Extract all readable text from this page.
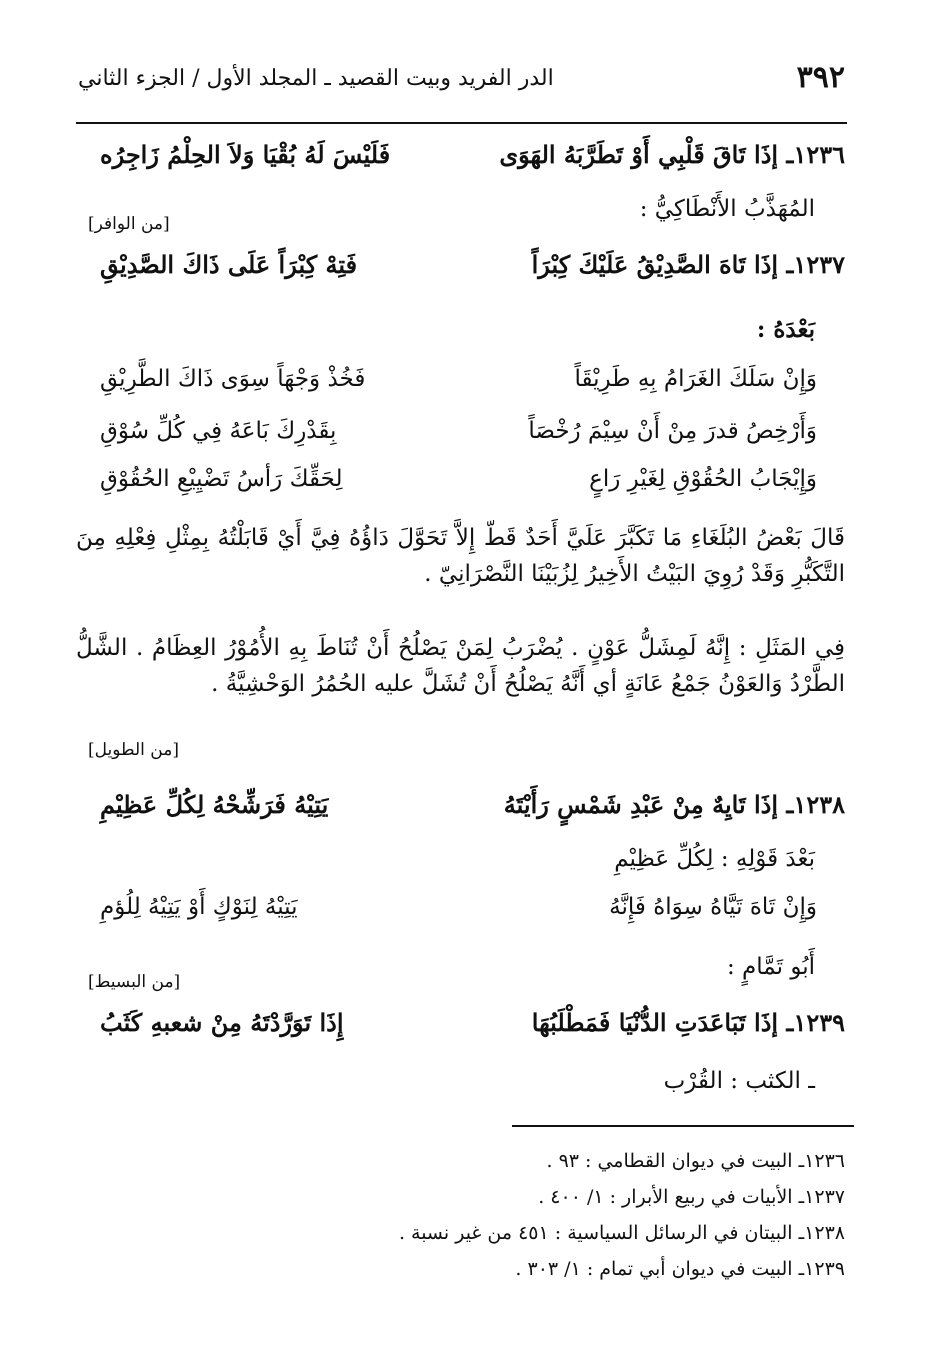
٣٩٢
الدر الفريد وبيت القصيد ـ المجلد الأول / الجزء الثاني
١٢٣٦ـ إذَا تَاقَ قَلْبِي أَوْ تَطَرَّبَهُ الهَوَى
فَلَيْسَ لَهُ بُقْيَا وَلاَ الحِلْمُ زَاجِرُه
المُهَذَّبُ الأَنْطَاكِيُّ :
[من الوافر]
١٢٣٧ـ إذَا تَاهَ الصَّدِيْقُ عَلَيْكَ كِبْرَاً
فَتِهْ كِبْرَاً عَلَى ذَاكَ الصَّدِيْقِ
بَعْدَهُ :
وَإِنْ سَلَكَ الغَرَامُ بِهِ طَرِيْقَاً
فَخُذْ وَجْهَاً سِوَى ذَاكَ الطَّرِيْقِ
وَأَرْخِصُ قدرَ مِنْ أَنْ سِيْمَ رُخْصَاً
بِقَدْرِكَ بَاعَهُ فِي كُلِّ سُوْقِ
وَإِيْجَابُ الحُقُوْقِ لِغَيْرِ رَاعٍ
لِحَقِّكَ رَأسُ تَضْيِيْعِ الحُقُوْقِ
قَالَ بَعْضُ البُلَغَاءِ مَا تَكَبَّرَ عَلَيَّ أَحَدٌ قَطّ إِلاَّ تَحَوَّلَ دَاؤُهُ فِيَّ أَيْ قَابَلْتُهُ بِمِثْلِ فِعْلِهِ مِنَ التَّكَبُّرِ وَقَدْ رُوِيَ البَيْتُ الأَخِيرُ لِزُبَيْنَا النَّصْرَانِيّ .
فِي المَثَلِ : إِنَّهُ لَمِشَلُّ عَوْنٍ . يُضْرَبُ لِمَنْ يَصْلُحُ أَنْ تُنَاطَ بِهِ الأُمُوْرُ العِظَامُ . الشَّلُّ الطَّرْدُ وَالعَوْنُ جَمْعُ عَانَةٍ أي أَنَّهُ يَصْلُحُ أَنْ تُشَلَّ عليه الحُمُرُ الوَحْشِيَّةُ .
[من الطويل]
١٢٣٨ـ إذَا تَايِهٌ مِنْ عَبْدِ شَمْسٍ رَأَيْتَهُ
يَتِيْهُ فَرَشِّحْهُ لِكُلِّ عَظِيْمِ
بَعْدَ قَوْلِهِ : لِكُلِّ عَظِيْمِ
وَإِنْ تَاهَ تَيَّاهُ سِوَاهُ فَإِنَّهُ
يَتِيْهُ لِنَوْكٍ أَوْ يَتِيْهُ لِلُؤمِ
أَبُو تَمَّامٍ :
[من البسيط]
١٢٣٩ـ إذَا تَبَاعَدَتِ الدُّنْيَا فَمَطْلَبُهَا
إِذَا تَوَرَّدْتَهُ مِنْ شعبهِ كَثَبُ
ـ الكثب : القُرْب
١٢٣٦ـ البيت في ديوان القطامي : ٩٣ .
١٢٣٧ـ الأبيات في ربيع الأبرار : ١/ ٤٠٠ .
١٢٣٨ـ البيتان في الرسائل السياسية : ٤٥١ من غير نسبة .
١٢٣٩ـ البيت في ديوان أبي تمام : ١/ ٣٠٣ .
